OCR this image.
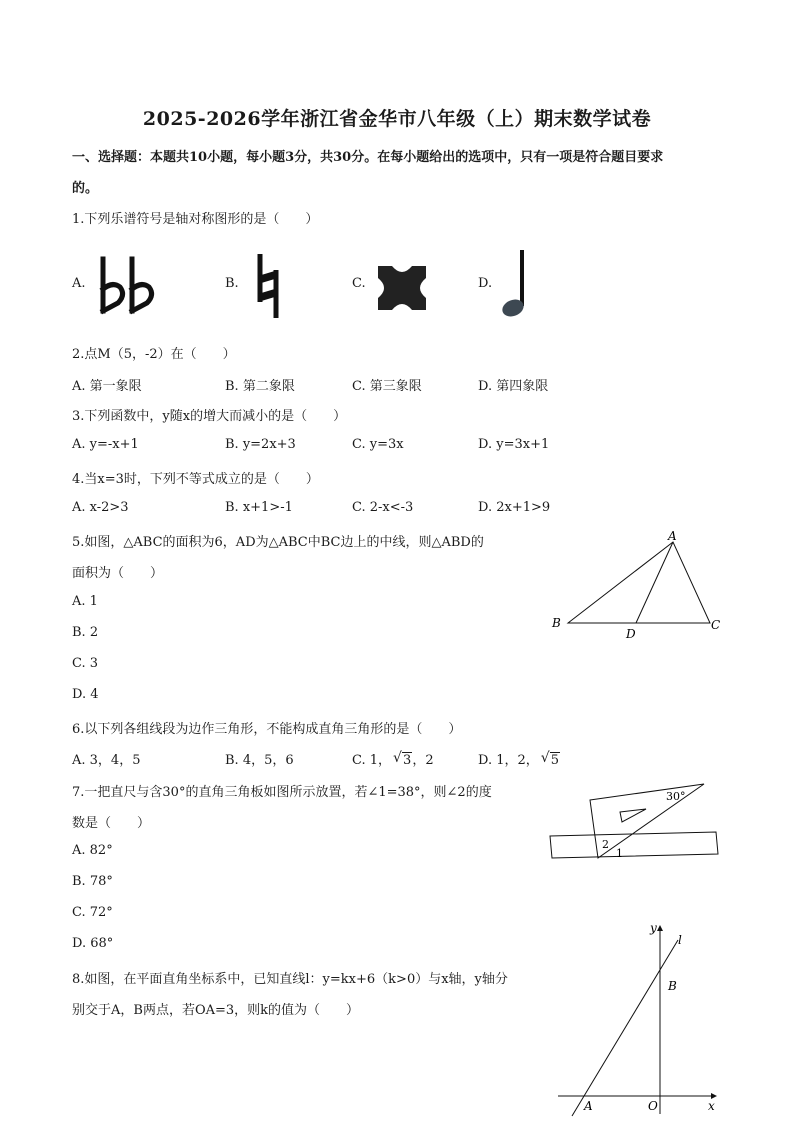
2025-2026学年浙江省金华市八年级（上）期末数学试卷
一、选择题：本题共10小题，每小题3分，共30分。在每小题给出的选项中，只有一项是符合题目要求
的。
1.下列乐谱符号是轴对称图形的是（　　）
A.	B.	C.	D.
2.点M（5，-2）在（　　）
A. 第一象限	B. 第二象限	C. 第三象限	D. 第四象限
3.下列函数中，y随x的增大而减小的是（　　）
A. y=-x+1	B. y=2x+3	C. y=3x	D. y=3x+1
4.当x=3时，下列不等式成立的是（　　）
A. x-2>3	B. x+1>-1	C. 2-x<-3	D. 2x+1>9
5.如图，△ABC的面积为6，AD为△ABC中BC边上的中线，则△ABD的
面积为（　　）
A. 1
B. 2
C. 3
D. 4
A
B	C
D
6.以下列各组线段为边作三角形，不能构成直角三角形的是（　　）
A. 3，4，5	B. 4，5，6	C. 1， √ 3，2	D. 1，2， √ 5
7.一把直尺与含30°的直角三角板如图所示放置，若∠1=38°，则∠2的度
数是（　　）
A. 82°
B. 78°
C. 72°
D. 68°
30°
2
1
8.如图，在平面直角坐标系中，已知直线l：y=kx+6（k>0）与x轴，y轴分
别交于A，B两点，若OA=3，则k的值为（　　）
y
l
B
A	O	x
